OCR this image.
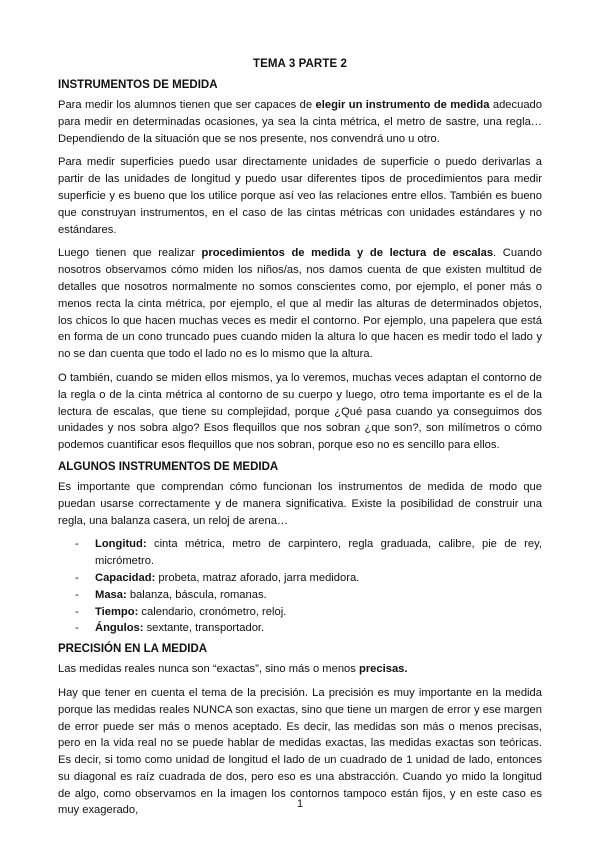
TEMA 3 PARTE 2
INSTRUMENTOS DE MEDIDA

Para medir los alumnos tienen que ser capaces de elegir un instrumento de medida adecuado para medir en determinadas ocasiones, ya sea la cinta métrica, el metro de sastre, una regla… Dependiendo de la situación que se nos presente, nos convendrá uno u otro.

Para medir superficies puedo usar directamente unidades de superficie o puedo derivarlas a partir de las unidades de longitud y puedo usar diferentes tipos de procedimientos para medir superficie y es bueno que los utilice porque así veo las relaciones entre ellos. También es bueno que construyan instrumentos, en el caso de las cintas métricas con unidades estándares y no estándares.

Luego tienen que realizar procedimientos de medida y de lectura de escalas. Cuando nosotros observamos cómo miden los niños/as, nos damos cuenta de que existen multitud de detalles que nosotros normalmente no somos conscientes como, por ejemplo, el poner más o menos recta la cinta métrica, por ejemplo, el que al medir las alturas de determinados objetos, los chicos lo que hacen muchas veces es medir el contorno. Por ejemplo, una papelera que está en forma de un cono truncado pues cuando miden la altura lo que hacen es medir todo el lado y no se dan cuenta que todo el lado no es lo mismo que la altura.

O también, cuando se miden ellos mismos, ya lo veremos, muchas veces adaptan el contorno de la regla o de la cinta métrica al contorno de su cuerpo y luego, otro tema importante es el de la lectura de escalas, que tiene su complejidad, porque ¿Qué pasa cuando ya conseguimos dos unidades y nos sobra algo? Esos flequillos que nos sobran ¿que son?, son milímetros o cómo podemos cuantificar esos flequillos que nos sobran, porque eso no es sencillo para ellos.

ALGUNOS INSTRUMENTOS DE MEDIDA

Es importante que comprendan cómo funcionan los instrumentos de medida de modo que puedan usarse correctamente y de manera significativa. Existe la posibilidad de construir una regla, una balanza casera, un reloj de arena…

- Longitud: cinta métrica, metro de carpintero, regla graduada, calibre, pie de rey, micrómetro.
- Capacidad: probeta, matraz aforado, jarra medidora.
- Masa: balanza, báscula, romanas.
- Tiempo: calendario, cronómetro, reloj.
- Ángulos: sextante, transportador.
PRECISIÓN EN LA MEDIDA

Las medidas reales nunca son “exactas”, sino más o menos precisas.

Hay que tener en cuenta el tema de la precisión. La precisión es muy importante en la medida porque las medidas reales NUNCA son exactas, sino que tiene un margen de error y ese margen de error puede ser más o menos aceptado. Es decir, las medidas son más o menos precisas, pero en la vida real no se puede hablar de medidas exactas, las medidas exactas son teóricas. Es decir, si tomo como unidad de longitud el lado de un cuadrado de 1 unidad de lado, entonces su diagonal es raíz cuadrada de dos, pero eso es una abstracción. Cuando yo mido la longitud de algo, como observamos en la imagen los contornos tampoco están fijos, y en este caso es muy exagerado,

1
